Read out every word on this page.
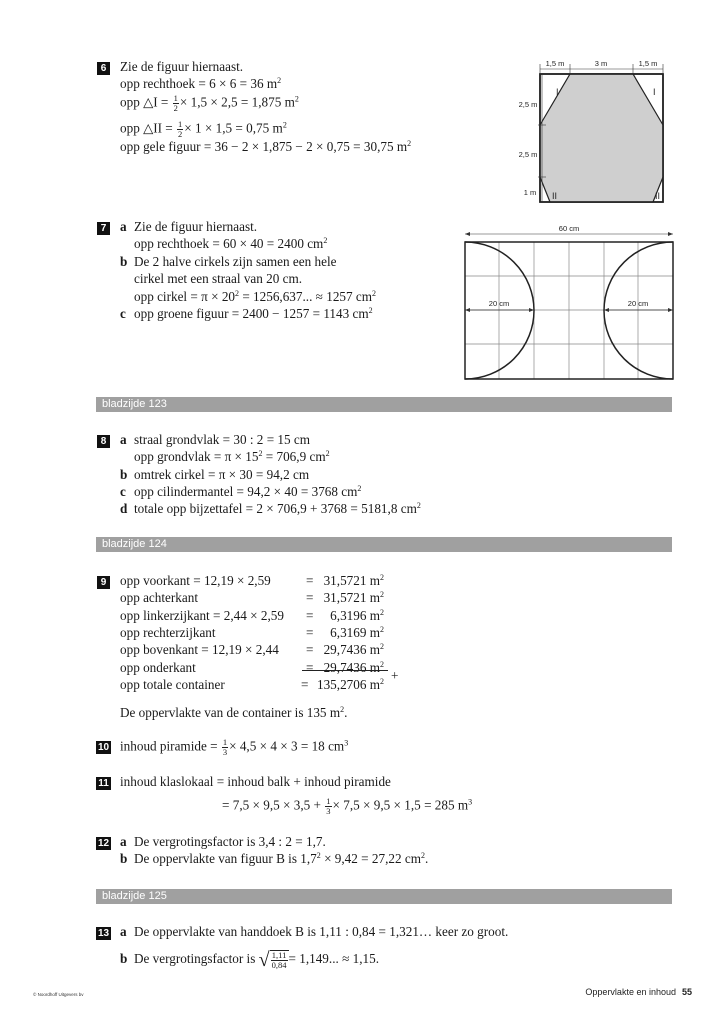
6 Zie de figuur hiernaast.
opp rechthoek = 6 × 6 = 36 $m^2$
opp △I = $\frac{1}{2} \times 1,5 \times 2,5 = 1,875$ $m^2$
opp △II = $\frac{1}{2} \times 1 \times 1,5 = 0,75$ $m^2$
opp gele figuur = 36 − 2 × 1,875 − 2 × 0,75 = 30,75 $m^2$
1,5 m	3 m	1,5 m
2,5 m
2,5 m
1 m
I	I
II	II
7 a Zie de figuur hiernaast.
opp rechthoek = 60 × 40 = 2400 $cm^2$
b De 2 halve cirkels zijn samen een hele
cirkel met een straal van 20 cm.
opp cirkel = $\pi \times 20^2 = 1256,637$... ≈ 1257 $cm^2$
c opp groene figuur = 2400 − 1257 = 1143 $cm^2$
60 cm
20 cm	20 cm
bladzijde 123
8 a straal grondvlak = 30 : 2 = 15 cm
opp grondvlak = $\pi \times 15^2 = 706,9$ $cm^2$
b omtrek cirkel = π × 30 = 94,2 cm
c opp cilindermantel = 94,2 × 40 = 3768 $cm^2$
d totale opp bijzettafel = 2 × 706,9 + 3768 = 5181,8 $cm^2$
bladzijde 124
9 opp voorkant = 12,19 × 2,59	= 31,5721 $m^2$
opp achterkant	= 31,5721 $m^2$
opp linkerzijkant = 2,44 × 2,59 =	6,3196 $m^2$
opp rechterzijkant	=	6,3169 $m^2$
opp bovenkant = 12,19 × 2,44 = 29,7436 $m^2$
opp onderkant	= 29,7436 $m^2$
opp totale container	= 135,2706 $m^2$ +
De oppervlakte van de container is 135 $m^2$.
10 inhoud piramide = $\frac{1}{3} \times 4,5 \times 4 \times 3 = 18$ $cm^3$
11 inhoud klaslokaal = inhoud balk + inhoud piramide
= $7,5 \times 9,5 \times 3,5 + \frac{1}{3} \times 7,5 \times 9,5 \times 1,5 = 285$ $m^3$
12 a De vergrotingsfactor is 3,4 : 2 = 1,7.
b De oppervlakte van figuur B is $1,7^2 \times 9,42 = 27,22$ $cm^2$.
bladzijde 125
13 a De oppervlakte van handdoek B is 1,11 : 0,84 = 1,321… keer zo groot.
b De vergrotingsfactor is √ $\frac{1,11}{0,84} = 1,149$... ≈ 1,15.
© Noordhoff Uitgevers bv	Oppervlakte en inhoud 55
